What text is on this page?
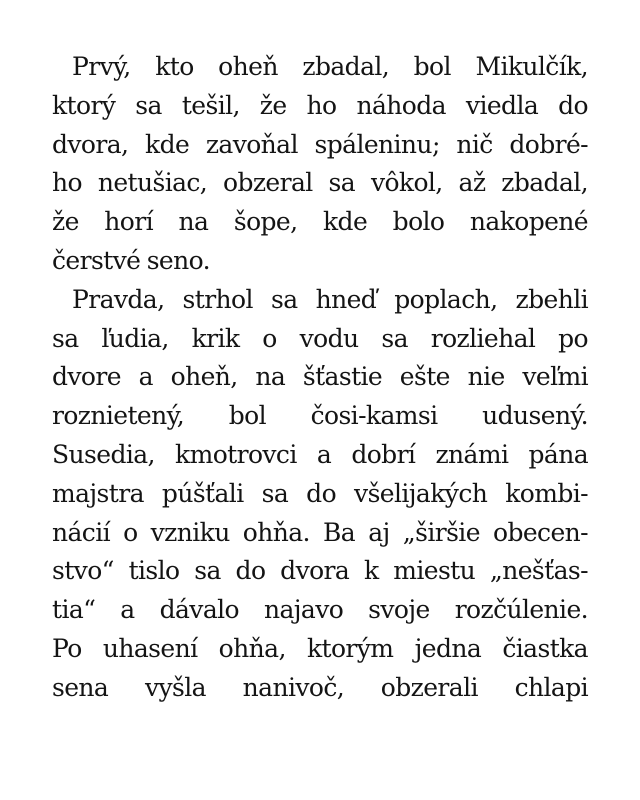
Prvý, kto oheň zbadal, bol Mikulčík,
ktorý sa tešil, že ho náhoda viedla do
dvora, kde zavoňal spáleninu; nič dobré-
ho netušiac, obzeral sa vôkol, až zbadal,
že horí na šope, kde bolo nakopené
čerstvé seno.
Pravda, strhol sa hneď poplach, zbehli
sa ľudia, krik o vodu sa rozliehal po
dvore a oheň, na šťastie ešte nie veľmi
roznietený, bol čosi-kamsi udusený.
Susedia, kmotrovci a dobrí známi pána
majstra púšťali sa do všelijakých kombi-
nácií o vzniku ohňa. Ba aj „širšie obecen-
stvo“ tislo sa do dvora k miestu „nešťas-
tia“ a dávalo najavo svoje rozčúlenie.
Po uhasení ohňa, ktorým jedna čiastka
sena vyšla nanivoč, obzerali chlapi
